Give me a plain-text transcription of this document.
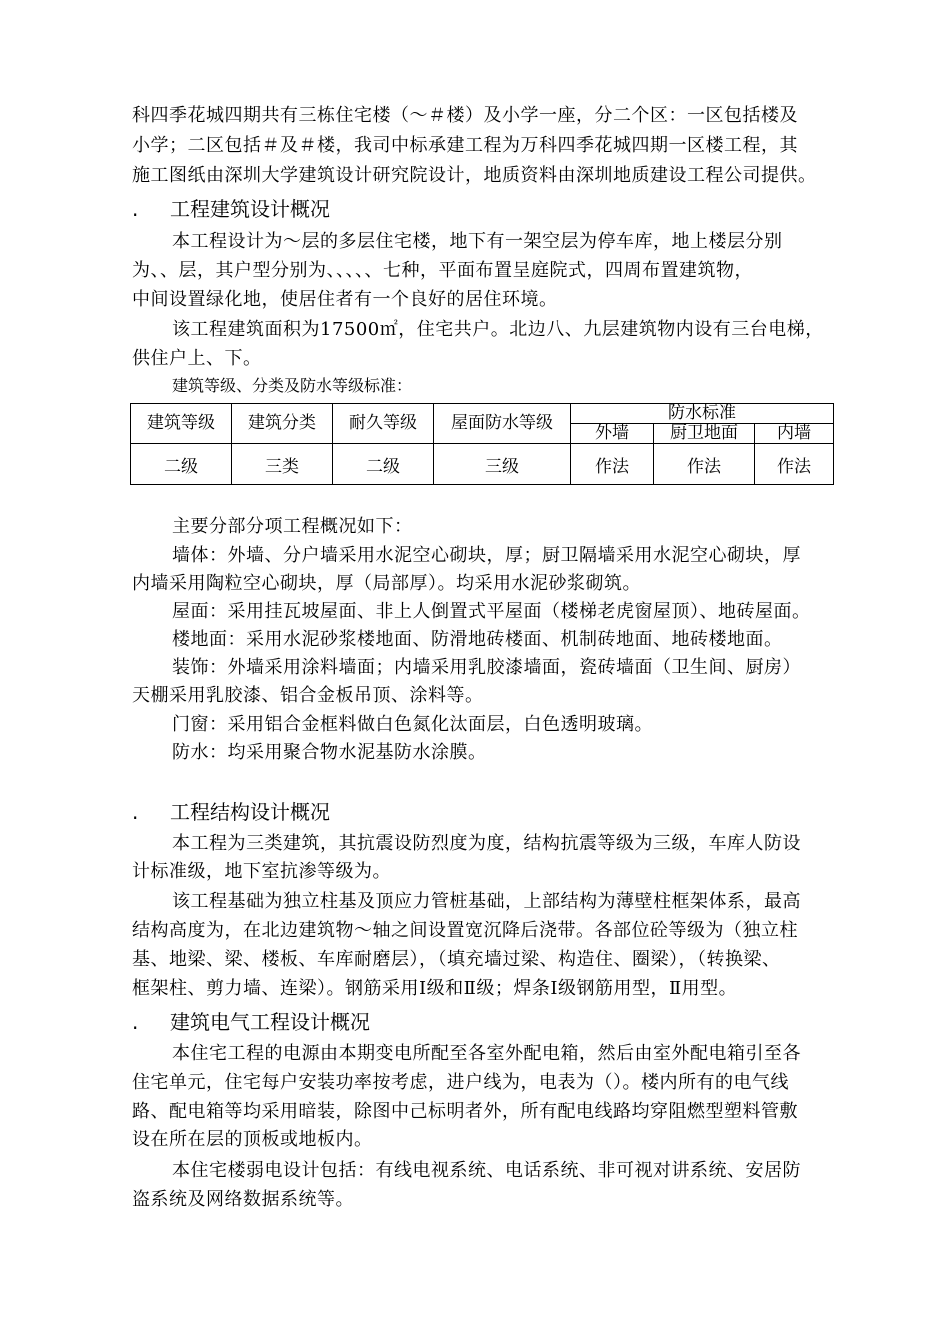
科四季花城四期共有三栋住宅楼（～＃楼）及小学一座，分二个区：一区包括楼及
小学；二区包括＃及＃楼，我司中标承建工程为万科四季花城四期一区楼工程，其
施工图纸由深圳大学建筑设计研究院设计，地质资料由深圳地质建设工程公司提供。
. 工程建筑设计概况
本工程设计为～层的多层住宅楼，地下有一架空层为停车库，地上楼层分别
为、、层，其户型分别为、、、、、七种，平面布置呈庭院式，四周布置建筑物，
中间设置绿化地，使居住者有一个良好的居住环境。
该工程建筑面积为17500㎡，住宅共户。北边八、九层建筑物内设有三台电梯，
供住户上、下。
建筑等级、分类及防水等级标准：
建筑等级	建筑分类	耐久等级	屋面防水等级	防水标准		
				外墙	厨卫地面	内墙
二级	三类	二级	三级	作法	作法	作法
主要分部分项工程概况如下：
墙体：外墙、分户墙采用水泥空心砌块，厚；厨卫隔墙采用水泥空心砌块，厚
内墙采用陶粒空心砌块，厚（局部厚）。均采用水泥砂浆砌筑。
屋面：采用挂瓦坡屋面、非上人倒置式平屋面（楼梯老虎窗屋顶）、地砖屋面。
楼地面：采用水泥砂浆楼地面、防滑地砖楼面、机制砖地面、地砖楼地面。
装饰：外墙采用涂料墙面；内墙采用乳胶漆墙面，瓷砖墙面（卫生间、厨房）
天棚采用乳胶漆、铝合金板吊顶、涂料等。
门窗：采用铝合金框料做白色氮化汰面层，白色透明玻璃。
防水：均采用聚合物水泥基防水涂膜。
. 工程结构设计概况
本工程为三类建筑，其抗震设防烈度为度，结构抗震等级为三级，车库人防设
计标准级，地下室抗渗等级为。
该工程基础为独立柱基及顶应力管桩基础，上部结构为薄壁柱框架体系，最高
结构高度为，在北边建筑物～轴之间设置宽沉降后浇带。各部位砼等级为（独立柱
基、地梁、梁、楼板、车库耐磨层），（填充墙过梁、构造住、圈梁），（转换梁、
框架柱、剪力墙、连梁）。钢筋采用Ⅰ级和Ⅱ级；焊条Ⅰ级钢筋用型，Ⅱ用型。
. 建筑电气工程设计概况
本住宅工程的电源由本期变电所配至各室外配电箱，然后由室外配电箱引至各
住宅单元，住宅每户安装功率按考虑，进户线为，电表为（）。楼内所有的电气线
路、配电箱等均采用暗装，除图中己标明者外，所有配电线路均穿阻燃型塑料管敷
设在所在层的顶板或地板内。
本住宅楼弱电设计包括：有线电视系统、电话系统、非可视对讲系统、安居防
盗系统及网络数据系统等。
